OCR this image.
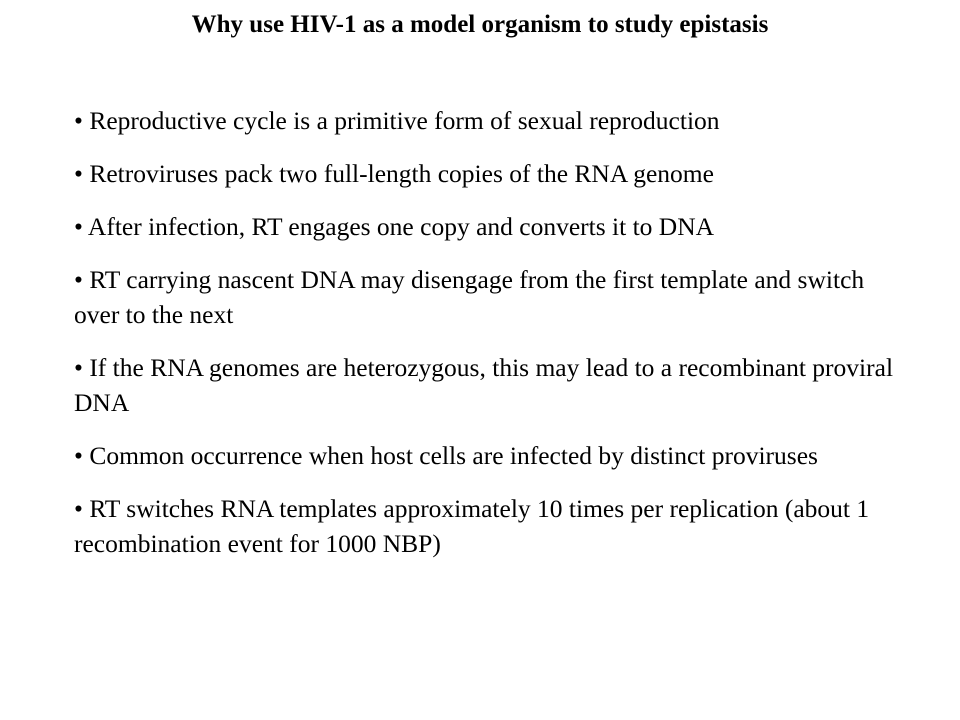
Why use HIV-1 as a model organism to study epistasis
• Reproductive cycle is a primitive form of sexual reproduction
• Retroviruses pack two full-length copies of the RNA genome
• After infection, RT engages one copy and converts it to DNA
• RT carrying nascent DNA may disengage from the first template and switch over to the next
• If the RNA genomes are heterozygous, this may lead to a recombinant proviral DNA
• Common occurrence when host cells are infected by distinct proviruses
• RT switches RNA templates approximately 10 times per replication (about 1 recombination event for 1000 NBP)
